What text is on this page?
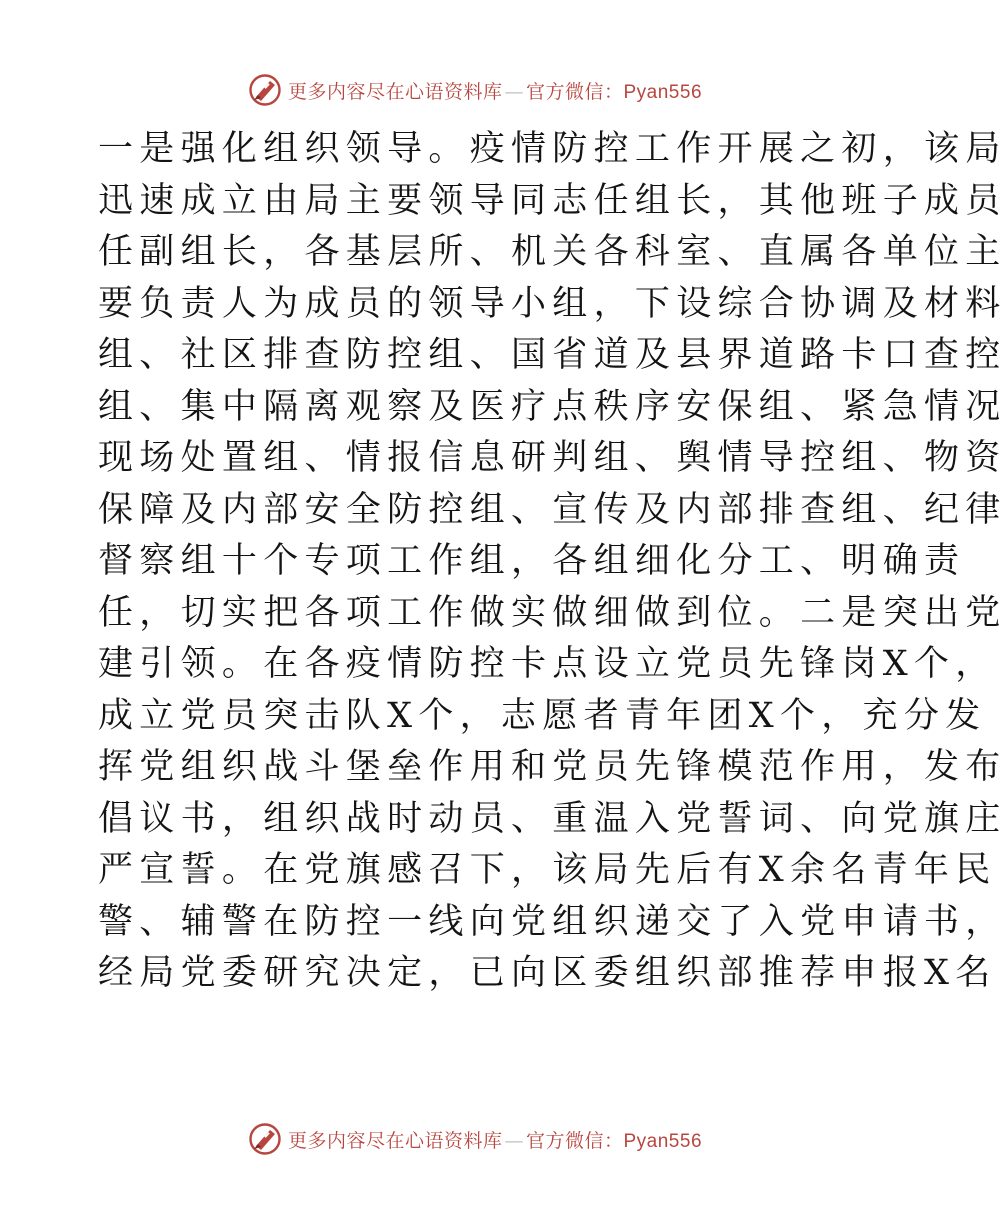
更多内容尽在心语资料库 — 官方微信：Pyan556
一是强化组织领导。疫情防控工作开展之初，该局
迅速成立由局主要领导同志任组长，其他班子成员
任副组长，各基层所、机关各科室、直属各单位主
要负责人为成员的领导小组，下设综合协调及材料
组、社区排查防控组、国省道及县界道路卡口查控
组、集中隔离观察及医疗点秩序安保组、紧急情况
现场处置组、情报信息研判组、舆情导控组、物资
保障及内部安全防控组、宣传及内部排查组、纪律
督察组十个专项工作组，各组细化分工、明确责
任，切实把各项工作做实做细做到位。二是突出党
建引领。在各疫情防控卡点设立党员先锋岗X个，
成立党员突击队X个，志愿者青年团X个，充分发
挥党组织战斗堡垒作用和党员先锋模范作用，发布
倡议书，组织战时动员、重温入党誓词、向党旗庄
严宣誓。在党旗感召下，该局先后有X余名青年民
警、辅警在防控一线向党组织递交了入党申请书，
经局党委研究决定，已向区委组织部推荐申报X名
更多内容尽在心语资料库 — 官方微信：Pyan556
